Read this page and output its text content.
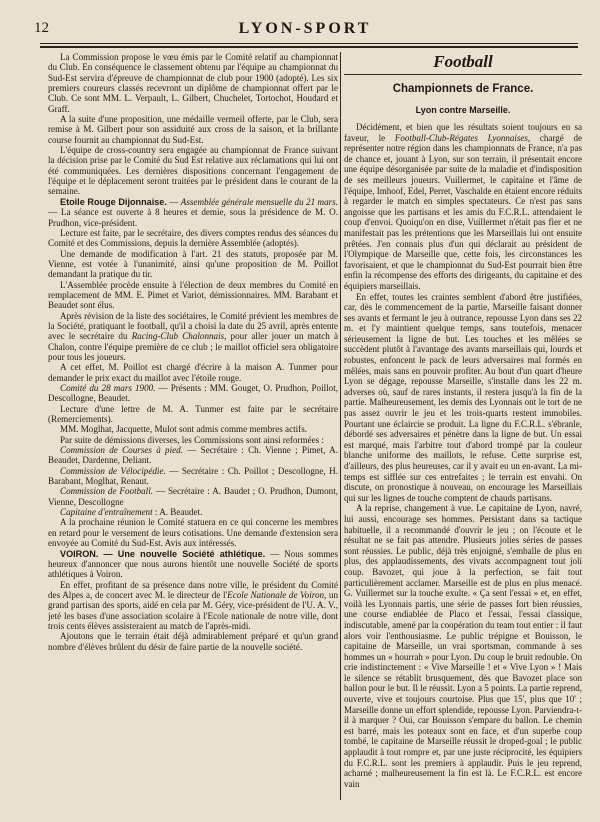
12	LYON-SPORT

La Commission propose le vœu émis par le Comité relatif au championnat du Club. En conséquence le classement obtenu par l'équipe au championnat du Sud-Est servira d'épreuve de championnat de club pour 1900 (adopté). Les six premiers coureurs classés recevront un diplôme de championnat offert par le Club. Ce sont MM. L. Verpault, L. Gilbert, Chuchelet, Tortochot, Houdard et Graff.

A la suite d'une proposition, une médaille vermeil offerte, par le Club, sera remise à M. Gilbert pour son assiduité aux cross de la saison, et la brillante course fournit au championnat du Sud-Est.

L'équipe de cross-country sera engagée au championnat de France suivant la décision prise par le Comité du Sud Est relative aux réclamations qui lui ont été communiquées. Les dernières dispositions concernant l'engagement de l'équipe et le déplacement seront traitées par le président dans le courant de la semaine.

Etoile Rouge Dijonnaise. — Assemblée générale mensuelle du 21 mars. — La séance est ouverte à 8 heures et demie, sous la présidence de M. O. Prudhon, vice-président.

Lecture est faite, par le secrétaire, des divers comptes rendus des séances du Comité et des Commissions, depuis la dernière Assemblée (adoptés).

Une demande de modification à l'art. 21 des statuts, proposée par M. Vienne, est votée à l'unanimité, ainsi qu'une proposition de M. Poillot demandant la pratique du tir.

L'Assemblée procède ensuite à l'élection de deux membres du Comité en remplacement de MM. E. Pimet et Variot, démissionnaires. MM. Barabant et Beaudet sont élus.

Après révision de la liste des sociétaires, le Comité prévient les membres de la Société, pratiquant le football, qu'il a choisi la date du 25 avril, après entente avec le secrétaire du Racing-Club Chalonnais, pour aller jouer un match à Chalon, contre l'équipe première de ce club ; le maillot officiel sera obligatoire pour tous les joueurs.

A cet effet, M. Poillot est chargé d'écrire à la maison A. Tunmer pour demander le prix exact du maillot avec l'étoile rouge.

Comité du 28 mars 1900. — Présents : MM. Gouget, O. Prudhon, Poillot, Descollogne, Beaudet.

Lecture d'une lettre de M. A. Tunmer est faite par le secrétaire (Remerciements).

MM. Moglhat, Jacquette, Mulot sont admis comme membres actifs.

Par suite de démissions diverses, les Commissions sont ainsi reformées :

Commission de Courses à pied. — Secrétaire : Ch. Vienne ; Pimet, A. Beaudet, Dardenne, Deliant.

Commission de Vélocipédie. — Secrétaire : Ch. Poillot ; Descollogne, H. Barabant, Moglhat, Renaut.

Commission de Football. — Secrétaire : A. Baudet ; O. Prudhon, Dumont, Vienne, Descollogne

Capitaine d'entraînement : A. Beaudet.

A la prochaine réunion le Comité statuera en ce qui concerne les membres en retard pour le versement de leurs cotisations. Une demande d'extension sera envoyée au Comité du Sud-Est. Avis aux intéressés.

VOIRON. — Une nouvelle Société athlétique. — Nous sommes heureux d'annoncer que nous aurons bientôt une nouvelle Société de sports athlétiques à Voiron.

En effet, profitant de sa présence dans notre ville, le président du Comité des Alpes a, de concert avec M. le directeur de l'Ecole Nationale de Voiron, un grand partisan des sports, aidé en cela par M. Géry, vice-président de l'U. A. V., jeté les bases d'une association scolaire à l'Ecole nationale de notre ville, dont trois cents élèves assisteraient au match de l'après-midi.

Ajoutons que le terrain était déjà admirablement préparé et qu'un grand nombre d'élèves brûlent du désir de faire partie de la nouvelle société.

Football
Championnets de France.
Lyon contre Marseille.

Décidément, et bien que les résultats soient toujours en sa faveur, le Football-Club-Régates Lyonnaises, chargé de représenter notre région dans les championnats de France, n'a pas de chance et, jouant à Lyon, sur son terrain, il présentait encore une équipe désorganisée par suite de la maladie et d'indisposition de ses meilleurs joueurs. Vuillermet, le capitaine et l'âme de l'équipe, Imhoof, Edel, Perret, Vaschalde en étaient encore réduits à regarder le match en simples spectateurs. Ce n'est pas sans angoisse que les partisans et les amis du F.C.R.L. attendaient le coup d'envoi. Quoiqu'on en dise, Vuillermet n'était pas fier et ne manifestait pas les prétentions que les Marseillais lui ont ensuite prêtées. J'en connais plus d'un qui déclarait au président de l'Olympique de Marseille que, cette fois, les circonstances les favorisaient, et que le championnat du Sud-Est pourrait bien être enfin la récompense des efforts des dirigeants, du capitaine et des équipiers marseillais.

En effet, toutes les craintes semblent d'abord être justifiées, car, dès le commencement de la partie, Marseille faisant donner ses avants et fermant le jeu à outrance, repousse Lyon dans ses 22 m. et l'y maintient quelque temps, sans toutefois, menacer sérieusement la ligne de but. Les touches et les mêlées se succèdent plutôt à l'avantage des avants marseillais qui, lourds et robustes, enfoncent le pack de leurs adversaires mal formés en mêlées, mais sans en pouvoir profiter. Au bout d'un quart d'heure Lyon se dégage, repousse Marseille, s'installe dans les 22 m. adverses où, sauf de rares instants, il restera jusqu'à la fin de la partie. Malheureusement, les demis des Lyonnais ont le tort de ne pas assez ouvrir le jeu et les trois-quarts restent immobiles. Pourtant une éclaircie se produit. La ligne du F.C.R.L. s'ébranle, débordé ses adversaires et pénètre dans la ligne de but. Un essai est marqué, mais l'arbitre tout d'abord trompé par la couleur blanche uniforme des maillots, le refuse. Cette surprise est, d'ailleurs, des plus heureuses, car il y avait eu un en-avant. La mi-temps est sifflée sur ces entrefaites ; le terrain est envahi. On discute, on pronostique à nouveau, on encourage les Marseillais qui sur les lignes de touche comptent de chauds partisans.

A la reprise, changement à vue. Le capitaine de Lyon, navré, lui aussi, encourage ses hommes. Persistant dans sa tactique habituelle, il a recommandé d'ouvrir le jeu ; on l'écoute et le résultat ne se fait pas attendre. Plusieurs jolies séries de passes sont réussies. Le public, déjà très enjoigné, s'emballe de plus en plus, des applaudissements, des vivats accompagnent tout joli coup. Bavozet, qui joue à la perfection, se fait tout particulièrement acclamer. Marseille est de plus en plus menacé. G. Vuillermet sur la touche exulte. « Ça sent l'essai » et, en effet, voilà les Lyonnais partis, une série de passes fort bien réussies, une course endiablée de Placo et l'essai, l'essai classique, indiscutable, amené par la coopération du team tout entier : il faut alors voir l'enthousiasme. Le public trépigne et Bouisson, le capitaine de Marseille, un vrai sportsman, commande à ses hommes un « hourrah » pour Lyon. Du coup le bruit redouble. On crie indistinctement : « Vive Marseille ! et « Vive Lyon » ! Mais le silence se rétablit brusquement, dès que Bavozet place son ballon pour le but. Il le réussit. Lyon a 5 points. La partie reprend, ouverte, vive et toujours courtoise. Plus que 15', plus que 10' ; Marseille donne un effort splendide, repousse Lyon. Parviendra-t-il à marquer ? Oui, car Bouisson s'empare du ballon. Le chemin est barré, mais les poteaux sont en face, et d'un superbe coup tombé, le capitaine de Marseille réussit le droped-goal ; le public applaudit à tout rompre et, par une juste réciprocité, les équipiers du F.C.R.L. sont les premiers à applaudir. Puis le jeu reprend, acharné ; malheureusement la fin est là. Le F.C.R.L. est encore vain
